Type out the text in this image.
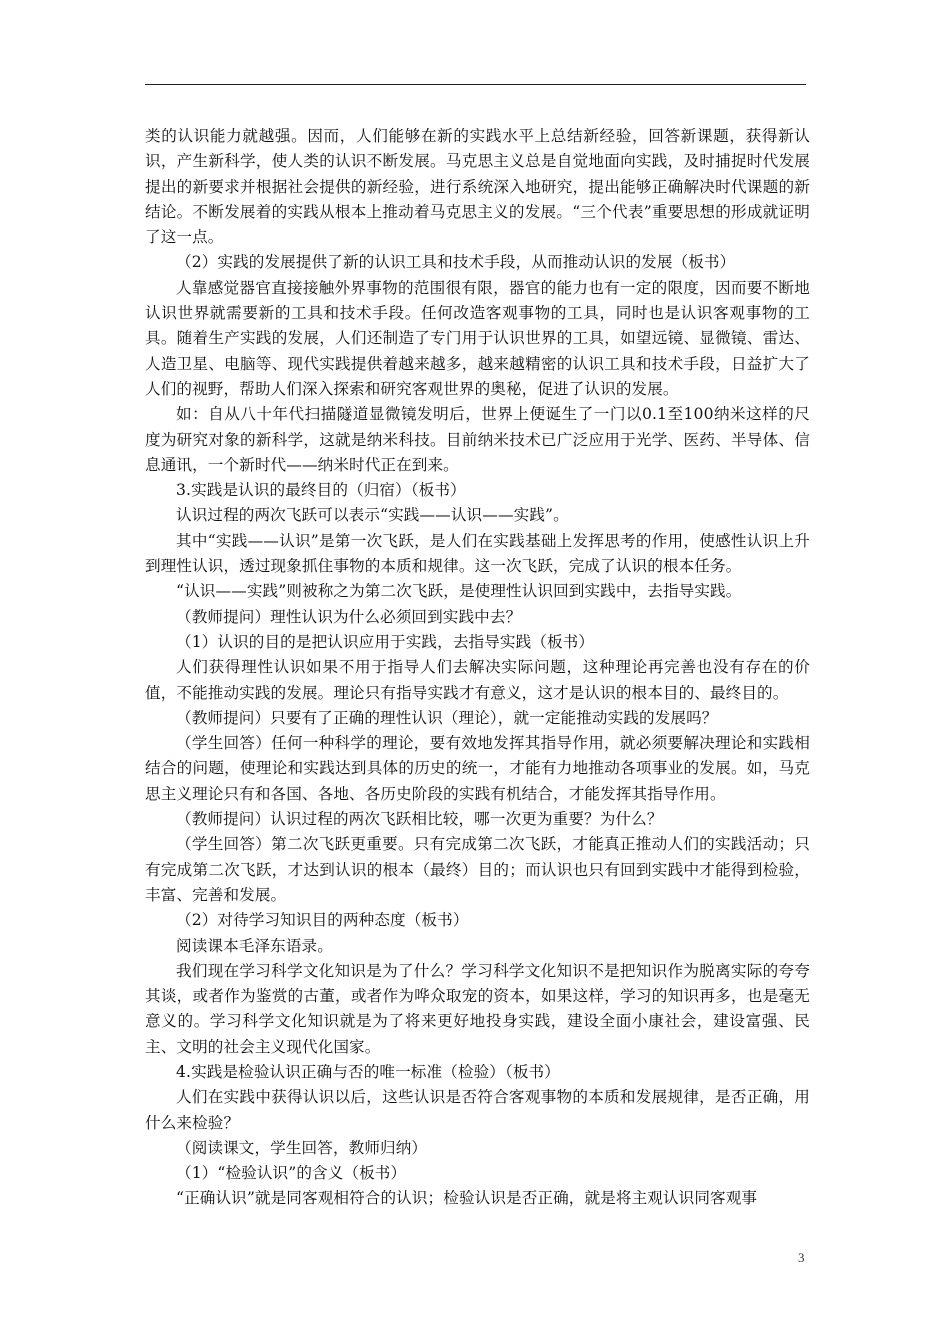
类的认识能力就越强。因而，人们能够在新的实践水平上总结新经验，回答新课题，获得新认识，产生新科学，使人类的认识不断发展。马克思主义总是自觉地面向实践，及时捕捉时代发展提出的新要求并根据社会提供的新经验，进行系统深入地研究，提出能够正确解决时代课题的新结论。不断发展着的实践从根本上推动着马克思主义的发展。“三个代表”重要思想的形成就证明了这一点。

（2）实践的发展提供了新的认识工具和技术手段，从而推动认识的发展（板书）

人靠感觉器官直接接触外界事物的范围很有限，器官的能力也有一定的限度，因而要不断地认识世界就需要新的工具和技术手段。任何改造客观事物的工具，同时也是认识客观事物的工具。随着生产实践的发展，人们还制造了专门用于认识世界的工具，如望远镜、显微镜、雷达、人造卫星、电脑等、现代实践提供着越来越多，越来越精密的认识工具和技术手段，日益扩大了人们的视野，帮助人们深入探索和研究客观世界的奥秘，促进了认识的发展。

如：自从八十年代扫描隧道显微镜发明后，世界上便诞生了一门以0.1至100纳米这样的尺度为研究对象的新科学，这就是纳米科技。目前纳米技术已广泛应用于光学、医药、半导体、信息通讯，一个新时代——纳米时代正在到来。

3.实践是认识的最终目的（归宿）（板书）

认识过程的两次飞跃可以表示“实践——认识——实践”。

其中“实践——认识”是第一次飞跃，是人们在实践基础上发挥思考的作用，使感性认识上升到理性认识，透过现象抓住事物的本质和规律。这一次飞跃，完成了认识的根本任务。

“认识——实践”则被称之为第二次飞跃，是使理性认识回到实践中，去指导实践。

（教师提问）理性认识为什么必须回到实践中去？

（1）认识的目的是把认识应用于实践，去指导实践（板书）

人们获得理性认识如果不用于指导人们去解决实际问题，这种理论再完善也没有存在的价值，不能推动实践的发展。理论只有指导实践才有意义，这才是认识的根本目的、最终目的。

（教师提问）只要有了正确的理性认识（理论），就一定能推动实践的发展吗？

（学生回答）任何一种科学的理论，要有效地发挥其指导作用，就必须要解决理论和实践相结合的问题，使理论和实践达到具体的历史的统一，才能有力地推动各项事业的发展。如，马克思主义理论只有和各国、各地、各历史阶段的实践有机结合，才能发挥其指导作用。

（教师提问）认识过程的两次飞跃相比较，哪一次更为重要？为什么？

（学生回答）第二次飞跃更重要。只有完成第二次飞跃，才能真正推动人们的实践活动；只有完成第二次飞跃，才达到认识的根本（最终）目的；而认识也只有回到实践中才能得到检验，丰富、完善和发展。

（2）对待学习知识目的两种态度（板书）

阅读课本毛泽东语录。

我们现在学习科学文化知识是为了什么？学习科学文化知识不是把知识作为脱离实际的夸夸其谈，或者作为鉴赏的古董，或者作为哗众取宠的资本，如果这样，学习的知识再多，也是毫无意义的。学习科学文化知识就是为了将来更好地投身实践，建设全面小康社会，建设富强、民主、文明的社会主义现代化国家。

4.实践是检验认识正确与否的唯一标准（检验）（板书）

人们在实践中获得认识以后，这些认识是否符合客观事物的本质和发展规律，是否正确，用什么来检验？

（阅读课文，学生回答，教师归纳）

（1）“检验认识”的含义（板书）

“正确认识”就是同客观相符合的认识；检验认识是否正确，就是将主观认识同客观事

3
